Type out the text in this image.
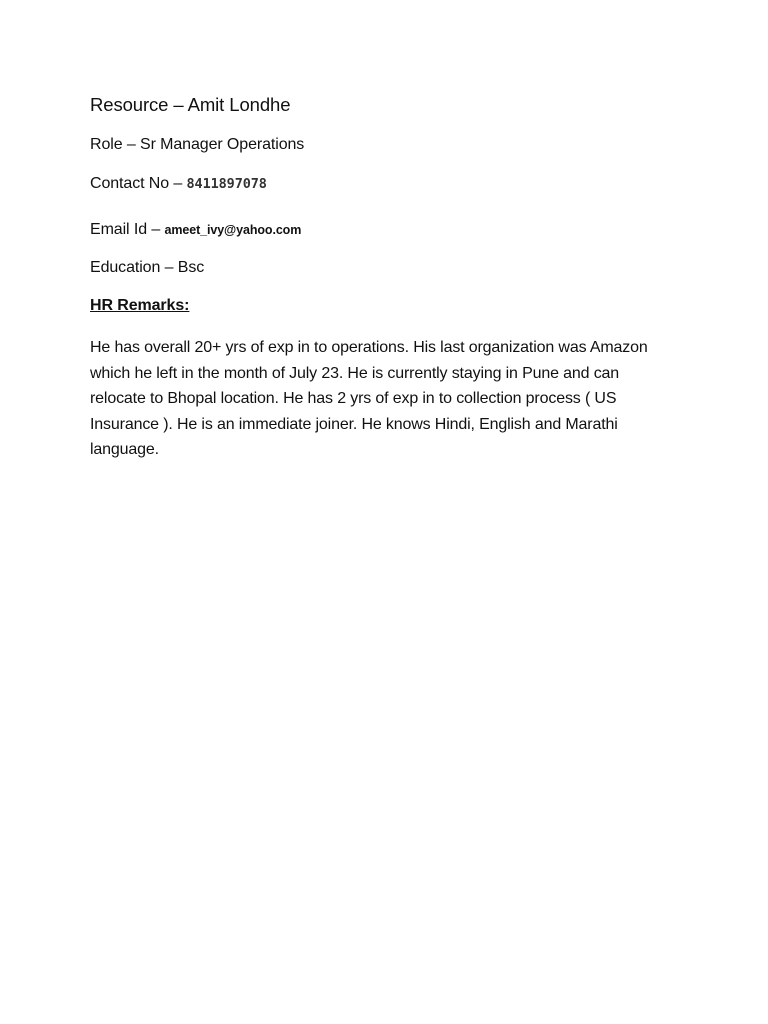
Resource – Amit Londhe
Role – Sr Manager Operations
Contact No – 8411897078
Email Id – ameet_ivy@yahoo.com
Education – Bsc
HR Remarks:
He has overall 20+ yrs of exp in to operations. His last organization was Amazon
which he left in the month of July 23. He is currently staying in Pune and can
relocate to Bhopal location. He has 2 yrs of exp in to collection process ( US
Insurance ). He is an immediate joiner. He knows Hindi, English and Marathi
language.
